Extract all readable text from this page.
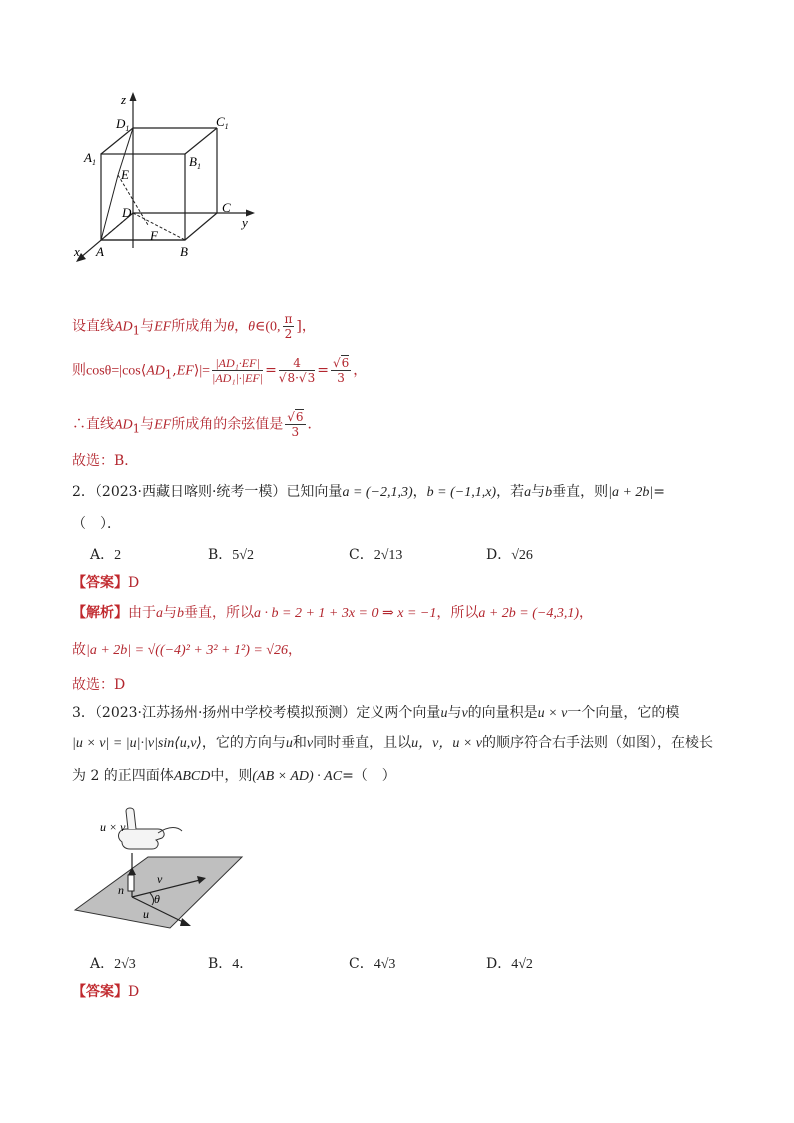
z
$D_1$	$C_1$
$A_1$	$B_1$
E
D	C
y
F
x A	B
设直线$AD_1$与EF所成角为θ，θ∈(0, $\frac{\pi}{2}$ ]，
则$\cos\theta=|\cos⟨AD_1,EF⟩|= \frac{\text{|AD₁·EF|}}{\text{|AD₁|·|EF|}} = \frac{4}{√8\cdot√3} = \frac{√6}{3}$ ，
∴直线$AD_1$与EF所成角的余弦值是 $\frac{√6}{3}$ ．
故选：B．
2．（2023·西藏日喀则·统考一模）已知向量a = (−2,1,3)，b = (−1,1,x)，若a与b垂直，则|a + 2b|=
（　）．
A．2	B．5√2	C．2√13	D．√26
【答案】D
【解析】由于a与b垂直，所以a · b = 2 + 1 + 3x = 0 ⇒ x = −1，所以a + 2b = (−4,3,1)，
故|a + 2b| = √((−4)² + 3² + 1²) = √26，
故选：D
3．（2023·江苏扬州·扬州中学校考模拟预测）定义两个向量u与v的向量积是u × v一个向量，它的模
|u × v| = |u|·|v|sin⟨u,v⟩，它的方向与u和v同时垂直，且以u，v，u × v的顺序符合右手法则（如图），在棱长
为 2 的正四面体ABCD中，则(AB × AD) · AC=（　）
u × v
v
n
θ
u
A．2√3	B．4．	C．4√3	D．4√2
【答案】D
